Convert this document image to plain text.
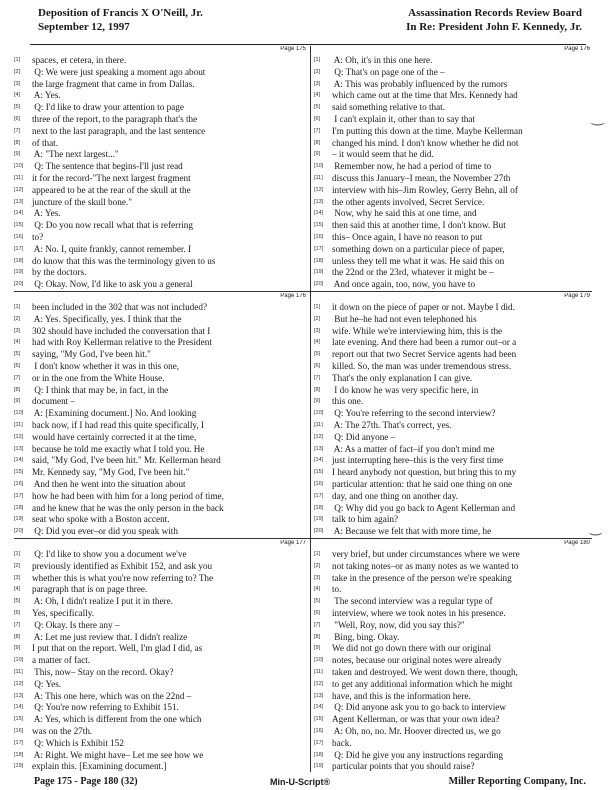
Deposition of Francis X O'Neill, Jr.
September 12, 1997
Assassination Records Review Board
In Re: President John F. Kennedy, Jr.
Page 175
[1] spaces, et cetera, in there.
[2] Q: We were just speaking a moment ago about
[3] the large fragment that came in from Dallas.
[4] A: Yes.
[5] Q: I'd like to draw your attention to page
[6] three of the report, to the paragraph that's the
[7] next to the last paragraph, and the last sentence
[8] of that.
[9] A: "The next largest..."
[10] Q: The sentence that begins-I'll just read
[11] it for the record-"The next largest fragment
[12] appeared to be at the rear of the skull at the
[13] juncture of the skull bone."
[14] A: Yes.
[15] Q: Do you now recall what that is referring
[16] to?
[17] A: No. I, quite frankly, cannot remember. I
[18] do know that this was the terminology given to us
[19] by the doctors.
[20] Q: Okay. Now, I'd like to ask you a general
Page 176
[1] A: Oh, it's in this one here.
[2] Q: That's on page one of the –
[3] A: This was probably influenced by the rumors
[4] which came out at the time that Mrs. Kennedy had
[5] said something relative to that.
[6] I can't explain it, other than to say that
[7] I'm putting this down at the time. Maybe Kellerman
[8] changed his mind. I don't know whether he did not
[9] – it would seem that he did.
[10] Remember now, he had a period of time to
[11] discuss this January–I mean, the November 27th
[12] interview with his–Jim Rowley, Gerry Behn, all of
[13] the other agents involved, Secret Service.
[14] Now, why he said this at one time, and
[15] then said this at another time, I don't know. But
[16] this– Once again, I have no reason to put
[17] something down on a particular piece of paper,
[18] unless they tell me what it was. He said this on
[19] the 22nd or the 23rd, whatever it might be –
[20] And once again, too, now, you have to
Page 176
[1] been included in the 302 that was not included?
[2] A: Yes. Specifically, yes. I think that the
[3] 302 should have included the conversation that I
[4] had with Roy Kellerman relative to the President
[5] saying, "My God, I've been hit."
[6] I don't know whether it was in this one,
[7] or in the one from the White House.
[8] Q: I think that may be, in fact, in the
[9] document –
[10] A: [Examining document.] No. And looking
[11] back now, if I had read this quite specifically, I
[12] would have certainly corrected it at the time,
[13] because he told me exactly what I told you. He
[14] said, "My God, I've been hit." Mr. Kellerman heard
[15] Mr. Kennedy say, "My God, I've been hit."
[16] And then he went into the situation about
[17] how he had been with him for a long period of time,
[18] and he knew that he was the only person in the back
[19] seat who spoke with a Boston accent.
[20] Q: Did you ever–or did you speak with
Page 179
[1] it down on the piece of paper or not. Maybe I did.
[2] But he–he had not even telephoned his
[3] wife. While we're interviewing him, this is the
[4] late evening. And there had been a rumor out–or a
[5] report out that two Secret Service agents had been
[6] killed. So, the man was under tremendous stress.
[7] That's the only explanation I can give.
[8] I do know he was very specific here, in
[9] this one.
[10] Q: You're referring to the second interview?
[11] A: The 27th. That's correct, yes.
[12] Q: Did anyone –
[13] A: As a matter of fact–if you don't mind me
[14] just interrupting here–this is the very first time
[15] I heard anybody not question, but bring this to my
[16] particular attention: that he said one thing on one
[17] day, and one thing on another day.
[18] Q: Why did you go back to Agent Kellerman and
[19] talk to him again?
[20] A: Because we felt that with more time, he
Page 177
[1] Q: I'd like to show you a document we've
[2] previously identified as Exhibit 152, and ask you
[3] whether this is what you're now referring to? The
[4] paragraph that is on page three.
[5] A: Oh, I didn't realize I put it in there.
[6] Yes, specifically.
[7] Q: Okay. Is there any –
[8] A: Let me just review that. I didn't realize
[9] I put that on the report. Well, I'm glad I did, as
[10] a matter of fact.
[11] This, now– Stay on the record. Okay?
[12] Q: Yes.
[13] A: This one here, which was on the 22nd –
[14] Q: You're now referring to Exhibit 151.
[15] A: Yes, which is different from the one which
[16] was on the 27th.
[17] Q: Which is Exhibit 152
[18] A: Right. We might have– Let me see how we
[19] explain this. [Examining document.]
Page 180
[1] very brief, but under circumstances where we were
[2] not taking notes–or as many notes as we wanted to
[3] take in the presence of the person we're speaking
[4] to.
[5] The second interview was a regular type of
[6] interview, where we took notes in his presence.
[7] "Well, Roy, now, did you say this?"
[8] Bing, bing. Okay.
[9] We did not go down there with our original
[10] notes, because our original notes were already
[11] taken and destroyed. We went down there, though,
[12] to get any additional information which he might
[13] have, and this is the information here.
[14] Q: Did anyone ask you to go back to interview
[15] Agent Kellerman, or was that your own idea?
[16] A: Oh, no, no. Mr. Hoover directed us, we go
[17] back.
[18] Q: Did he give you any instructions regarding
[19] particular points that you should raise?
‿
‿
Page 175 - Page 180 (32)	Min-U-Script®	Miller Reporting Company, Inc.
